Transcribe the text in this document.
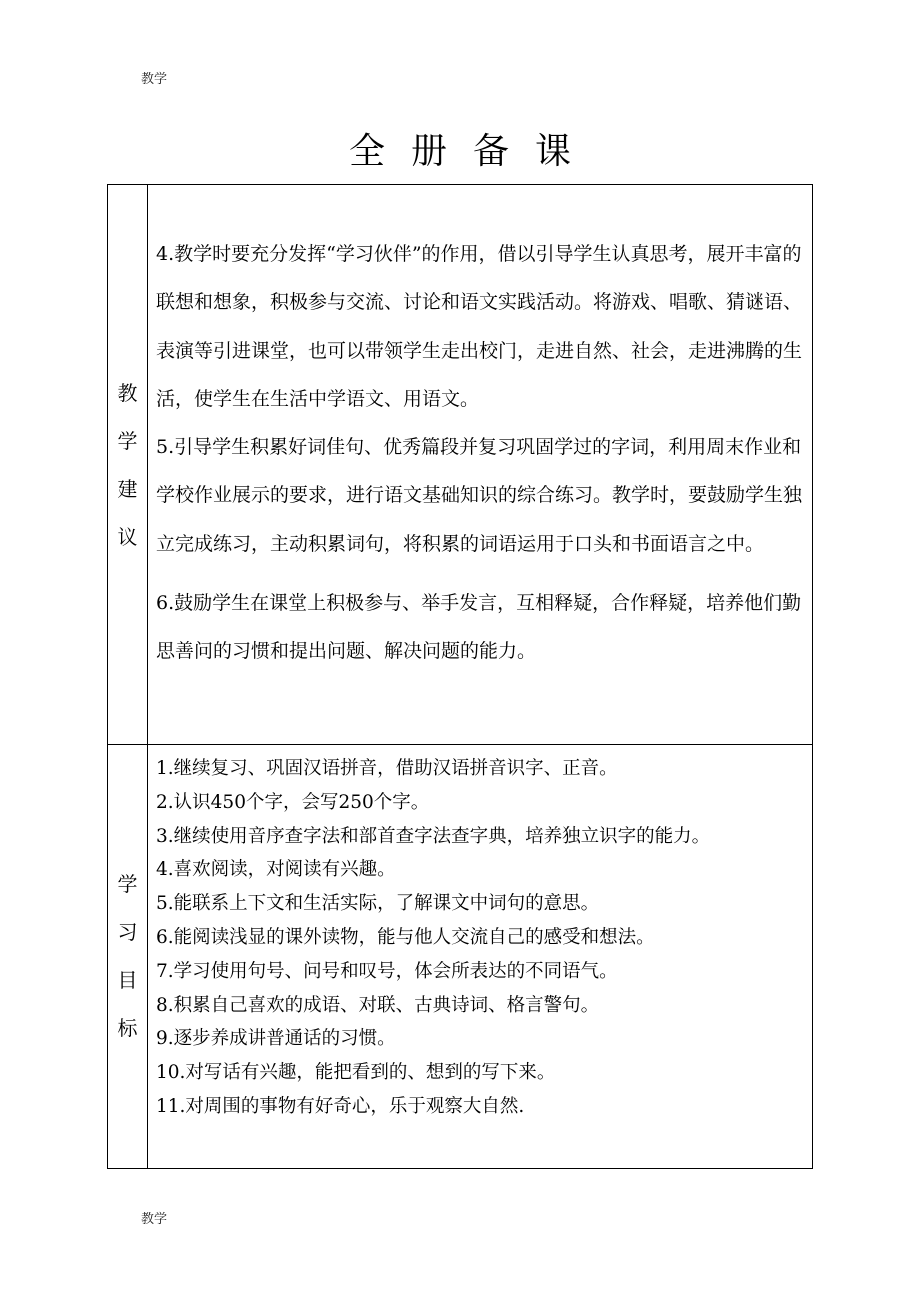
教学
全册备课
教
学
建
议

4.教学时要充分发挥“学习伙伴”的作用，借以引导学生认真思考，展开丰富的联想和想象，积极参与交流、讨论和语文实践活动。将游戏、唱歌、猜谜语、表演等引进课堂，也可以带领学生走出校门，走进自然、社会，走进沸腾的生活，使学生在生活中学语文、用语文。

5.引导学生积累好词佳句、优秀篇段并复习巩固学过的字词，利用周末作业和学校作业展示的要求，进行语文基础知识的综合练习。教学时，要鼓励学生独立完成练习，主动积累词句，将积累的词语运用于口头和书面语言之中。

6.鼓励学生在课堂上积极参与、举手发言，互相释疑，合作释疑，培养他们勤思善问的习惯和提出问题、解决问题的能力。

学
习
目
标
1.继续复习、巩固汉语拼音，借助汉语拼音识字、正音。
2.认识450个字，会写250个字。
3.继续使用音序查字法和部首查字法查字典，培养独立识字的能力。
4.喜欢阅读，对阅读有兴趣。
5.能联系上下文和生活实际，了解课文中词句的意思。
6.能阅读浅显的课外读物，能与他人交流自己的感受和想法。
7.学习使用句号、问号和叹号，体会所表达的不同语气。
8.积累自己喜欢的成语、对联、古典诗词、格言警句。
9.逐步养成讲普通话的习惯。
10.对写话有兴趣，能把看到的、想到的写下来。
11.对周围的事物有好奇心，乐于观察大自然.
教学
